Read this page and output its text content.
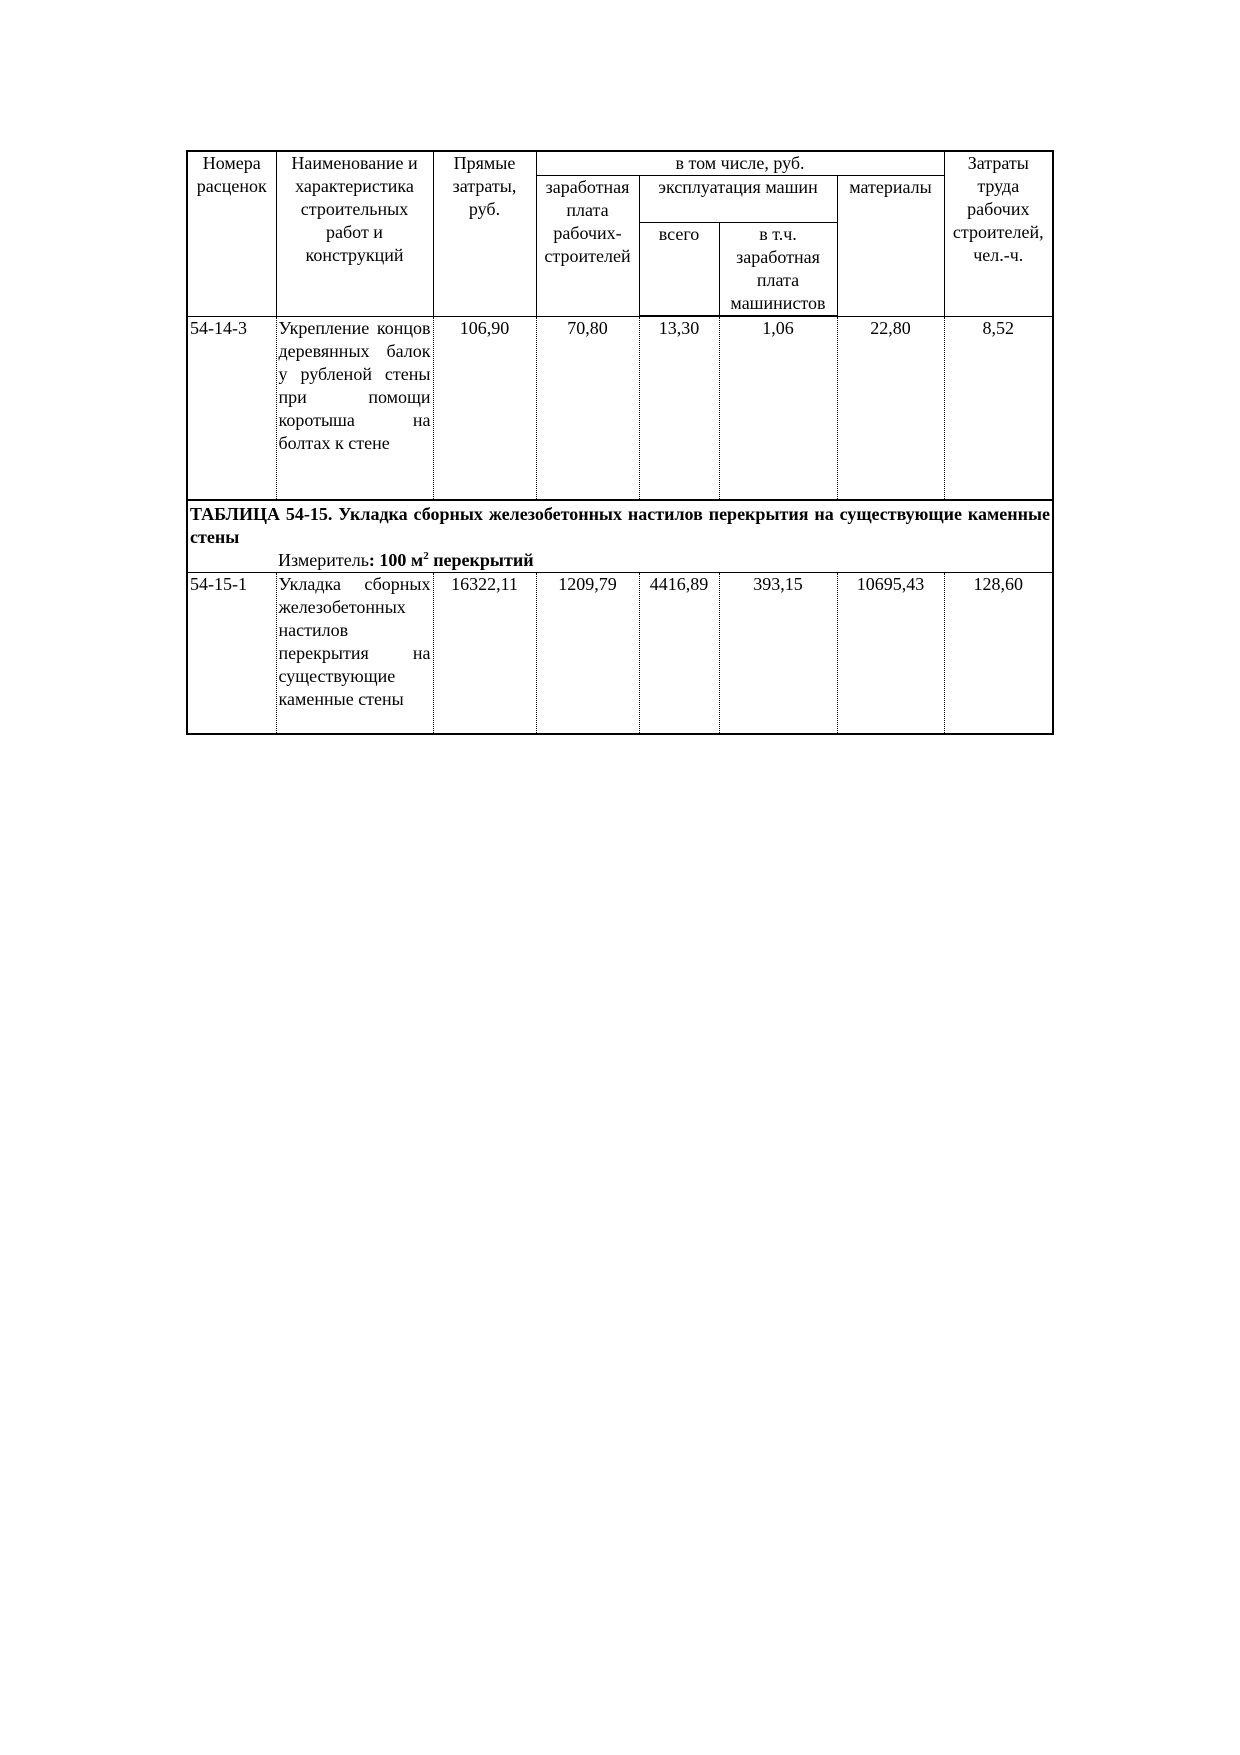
Номера расценок	Наименование и характеристика строительных работ и конструкций	Прямые затраты, руб.	в том числе, руб.				Затраты труда рабочих строителей, чел.-ч.
			заработная плата рабочих-строителей	эксплуатация машин		материалы	
				всего	в т.ч. заработная плата машинистов		
54-14-3	Укрепление концов деревянных балок у рубленой стены при помощи коротыша на болтах к стене	106,90	70,80	13,30	1,06	22,80	8,52

ТАБЛИЦА 54-15. Укладка сборных железобетонных настилов перекрытия на существующие каменные стены
Измеритель: 100 $м^2$ перекрытий							

54-15-1	Укладка сборных железобетонных настилов перекрытия на существующие каменные стены	16322,11	1209,79	4416,89	393,15	10695,43	128,60
